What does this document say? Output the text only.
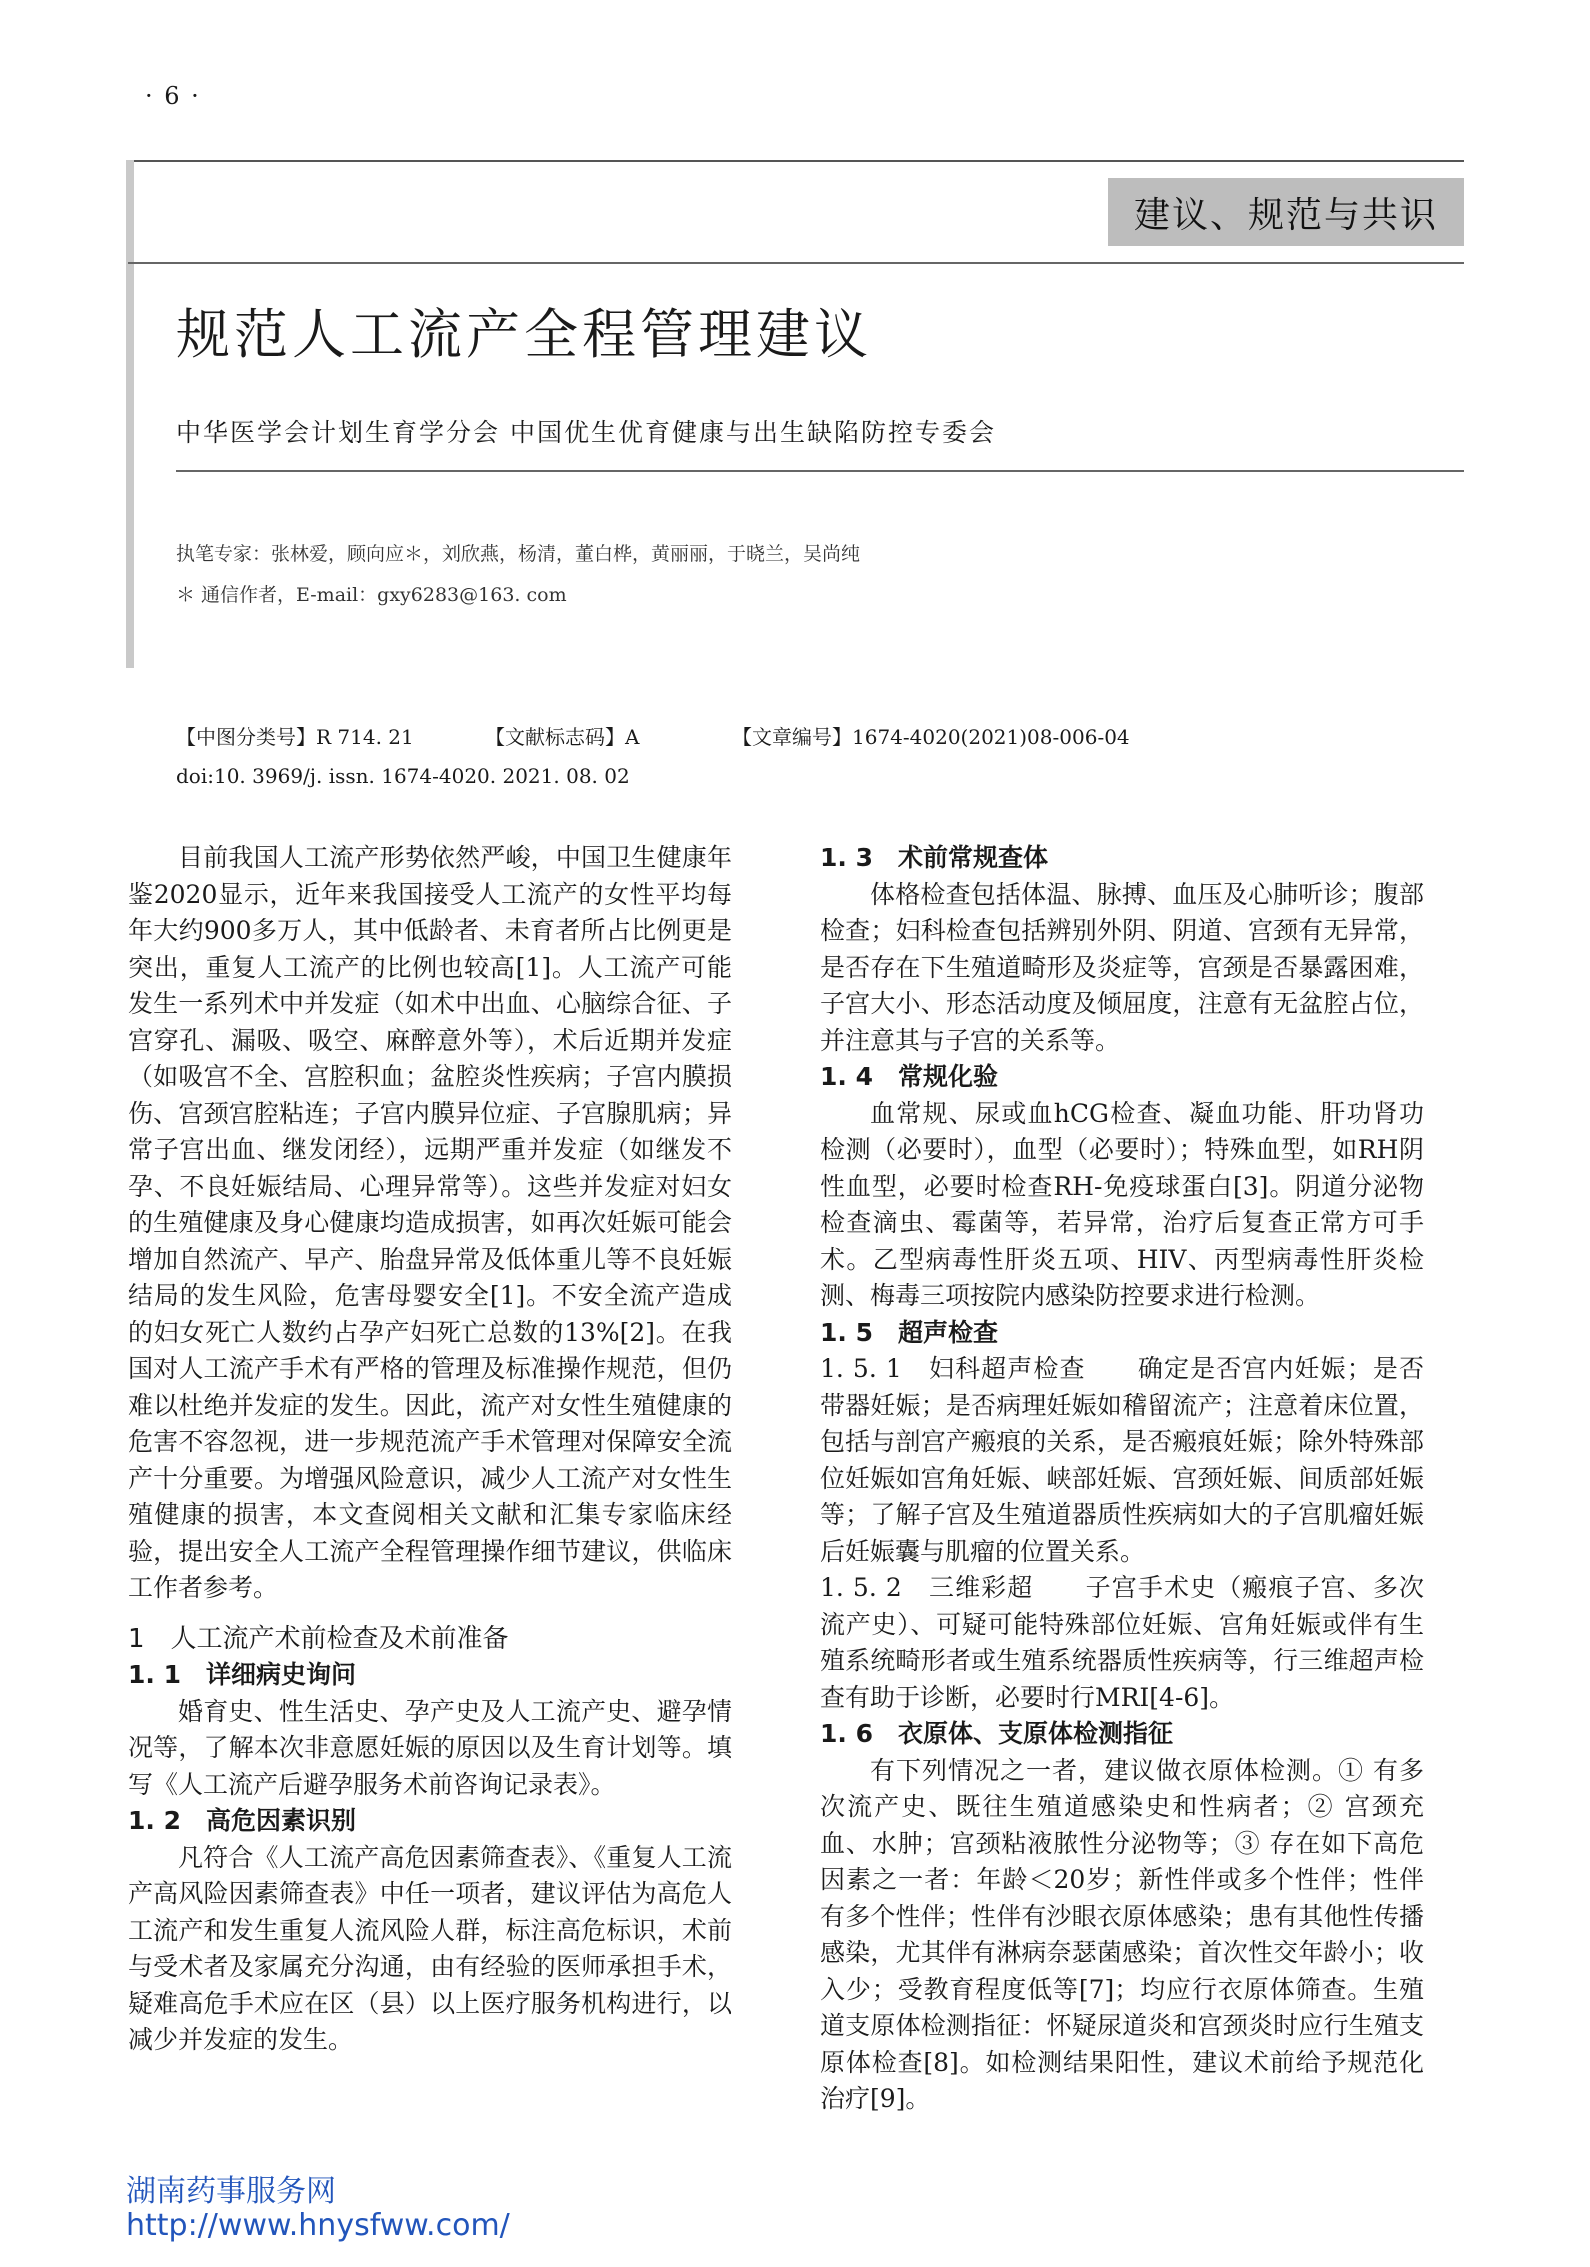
· 6 ·
建议、规范与共识
规范人工流产全程管理建议
中华医学会计划生育学分会 中国优生优育健康与出生缺陷防控专委会
执笔专家：张林爱，顾向应＊，刘欣燕，杨清，董白桦，黄丽丽，于晓兰，吴尚纯
＊ 通信作者，E-mail：gxy6283@163. com
【中图分类号】R 714. 21	【文献标志码】A	【文章编号】1674-4020(2021)08-006-04
doi:10. 3969/j. issn. 1674-4020. 2021. 08. 02

目前我国人工流产形势依然严峻，中国卫生健康年鉴2020显示，近年来我国接受人工流产的女性平均每年大约900多万人，其中低龄者、未育者所占比例更是突出，重复人工流产的比例也较高[1]。人工流产可能发生一系列术中并发症（如术中出血、心脑综合征、子宫穿孔、漏吸、吸空、麻醉意外等），术后近期并发症（如吸宫不全、宫腔积血；盆腔炎性疾病；子宫内膜损伤、宫颈宫腔粘连；子宫内膜异位症、子宫腺肌病；异常子宫出血、继发闭经），远期严重并发症（如继发不孕、不良妊娠结局、心理异常等）。这些并发症对妇女的生殖健康及身心健康均造成损害，如再次妊娠可能会增加自然流产、早产、胎盘异常及低体重儿等不良妊娠结局的发生风险，危害母婴安全[1]。不安全流产造成的妇女死亡人数约占孕产妇死亡总数的13%[2]。在我国对人工流产手术有严格的管理及标准操作规范，但仍难以杜绝并发症的发生。因此，流产对女性生殖健康的危害不容忽视，进一步规范流产手术管理对保障安全流产十分重要。为增强风险意识，减少人工流产对女性生殖健康的损害，本文查阅相关文献和汇集专家临床经验，提出安全人工流产全程管理操作细节建议，供临床工作者参考。

1　人工流产术前检查及术前准备

1. 1　详细病史询问

婚育史、性生活史、孕产史及人工流产史、避孕情况等，了解本次非意愿妊娠的原因以及生育计划等。填写《人工流产后避孕服务术前咨询记录表》。

1. 2　高危因素识别

凡符合《人工流产高危因素筛查表》、《重复人工流产高风险因素筛查表》中任一项者，建议评估为高危人工流产和发生重复人流风险人群，标注高危标识，术前与受术者及家属充分沟通，由有经验的医师承担手术，疑难高危手术应在区（县）以上医疗服务机构进行，以减少并发症的发生。

1. 3　术前常规查体

体格检查包括体温、脉搏、血压及心肺听诊；腹部检查；妇科检查包括辨别外阴、阴道、宫颈有无异常，是否存在下生殖道畸形及炎症等，宫颈是否暴露困难，子宫大小、形态活动度及倾屈度，注意有无盆腔占位，并注意其与子宫的关系等。

1. 4　常规化验

血常规、尿或血hCG检查、凝血功能、肝功肾功检测（必要时），血型（必要时）；特殊血型，如RH阴性血型，必要时检查RH-免疫球蛋白[3]。阴道分泌物检查滴虫、霉菌等，若异常，治疗后复查正常方可手术。乙型病毒性肝炎五项、HIV、丙型病毒性肝炎检测、梅毒三项按院内感染防控要求进行检测。

1. 5　超声检查

1. 5. 1　妇科超声检查　　确定是否宫内妊娠；是否带器妊娠；是否病理妊娠如稽留流产；注意着床位置，包括与剖宫产瘢痕的关系，是否瘢痕妊娠；除外特殊部位妊娠如宫角妊娠、峡部妊娠、宫颈妊娠、间质部妊娠等；了解子宫及生殖道器质性疾病如大的子宫肌瘤妊娠后妊娠囊与肌瘤的位置关系。

1. 5. 2　三维彩超　　子宫手术史（瘢痕子宫、多次流产史）、可疑可能特殊部位妊娠、宫角妊娠或伴有生殖系统畸形者或生殖系统器质性疾病等，行三维超声检查有助于诊断，必要时行MRI[4-6]。

1. 6　衣原体、支原体检测指征

有下列情况之一者，建议做衣原体检测。① 有多次流产史、既往生殖道感染史和性病者；② 宫颈充血、水肿；宫颈粘液脓性分泌物等；③ 存在如下高危因素之一者：年龄＜20岁；新性伴或多个性伴；性伴有多个性伴；性伴有沙眼衣原体感染；患有其他性传播感染，尤其伴有淋病奈瑟菌感染；首次性交年龄小；收入少；受教育程度低等[7]；均应行衣原体筛查。生殖道支原体检测指征：怀疑尿道炎和宫颈炎时应行生殖支原体检查[8]。如检测结果阳性，建议术前给予规范化治疗[9]。

湖南药事服务网
http://www.hnysfww.com/
